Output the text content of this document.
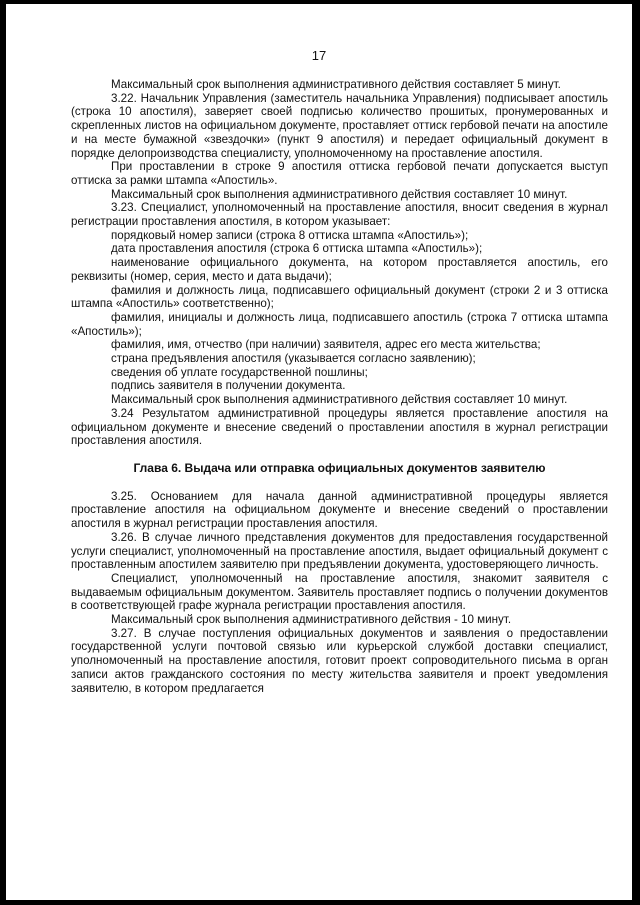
17

Максимальный срок выполнения административного действия составляет 5 минут.

3.22. Начальник Управления (заместитель начальника Управления) подписывает апостиль (строка 10 апостиля), заверяет своей подписью количество прошитых, пронумерованных и скрепленных листов на официальном документе, проставляет оттиск гербовой печати на апостиле и на месте бумажной «звездочки» (пункт 9 апостиля) и передает официальный документ в порядке делопроизводства специалисту, уполномоченному на проставление апостиля.

При проставлении в строке 9 апостиля оттиска гербовой печати допускается выступ оттиска за рамки штампа «Апостиль».

Максимальный срок выполнения административного действия составляет 10 минут.

3.23. Специалист, уполномоченный на проставление апостиля, вносит сведения в журнал регистрации проставления апостиля, в котором указывает:

порядковый номер записи (строка 8 оттиска штампа «Апостиль»);

дата проставления апостиля (строка 6 оттиска штампа «Апостиль»);

наименование официального документа, на котором проставляется апостиль, его реквизиты (номер, серия, место и дата выдачи);

фамилия и должность лица, подписавшего официальный документ (строки 2 и 3 оттиска штампа «Апостиль» соответственно);

фамилия, инициалы и должность лица, подписавшего апостиль (строка 7 оттиска штампа «Апостиль»);

фамилия, имя, отчество (при наличии) заявителя, адрес его места жительства;

страна предъявления апостиля (указывается согласно заявлению);

сведения об уплате государственной пошлины;

подпись заявителя в получении документа.

Максимальный срок выполнения административного действия составляет 10 минут.

3.24 Результатом административной процедуры является проставление апостиля на официальном документе и внесение сведений о проставлении апостиля в журнал регистрации проставления апостиля.

Глава 6. Выдача или отправка официальных документов заявителю

3.25. Основанием для начала данной административной процедуры является проставление апостиля на официальном документе и внесение сведений о проставлении апостиля в журнал регистрации проставления апостиля.

3.26. В случае личного представления документов для предоставления государственной услуги специалист, уполномоченный на проставление апостиля, выдает официальный документ с проставленным апостилем заявителю при предъявлении документа, удостоверяющего личность.

Специалист, уполномоченный на проставление апостиля, знакомит заявителя с выдаваемым официальным документом. Заявитель проставляет подпись о получении документов в соответствующей графе журнала регистрации проставления апостиля.

Максимальный срок выполнения административного действия - 10 минут.

3.27. В случае поступления официальных документов и заявления о предоставлении государственной услуги почтовой связью или курьерской службой доставки специалист, уполномоченный на проставление апостиля, готовит проект сопроводительного письма в орган записи актов гражданского состояния по месту жительства заявителя и проект уведомления заявителю, в котором предлагается
